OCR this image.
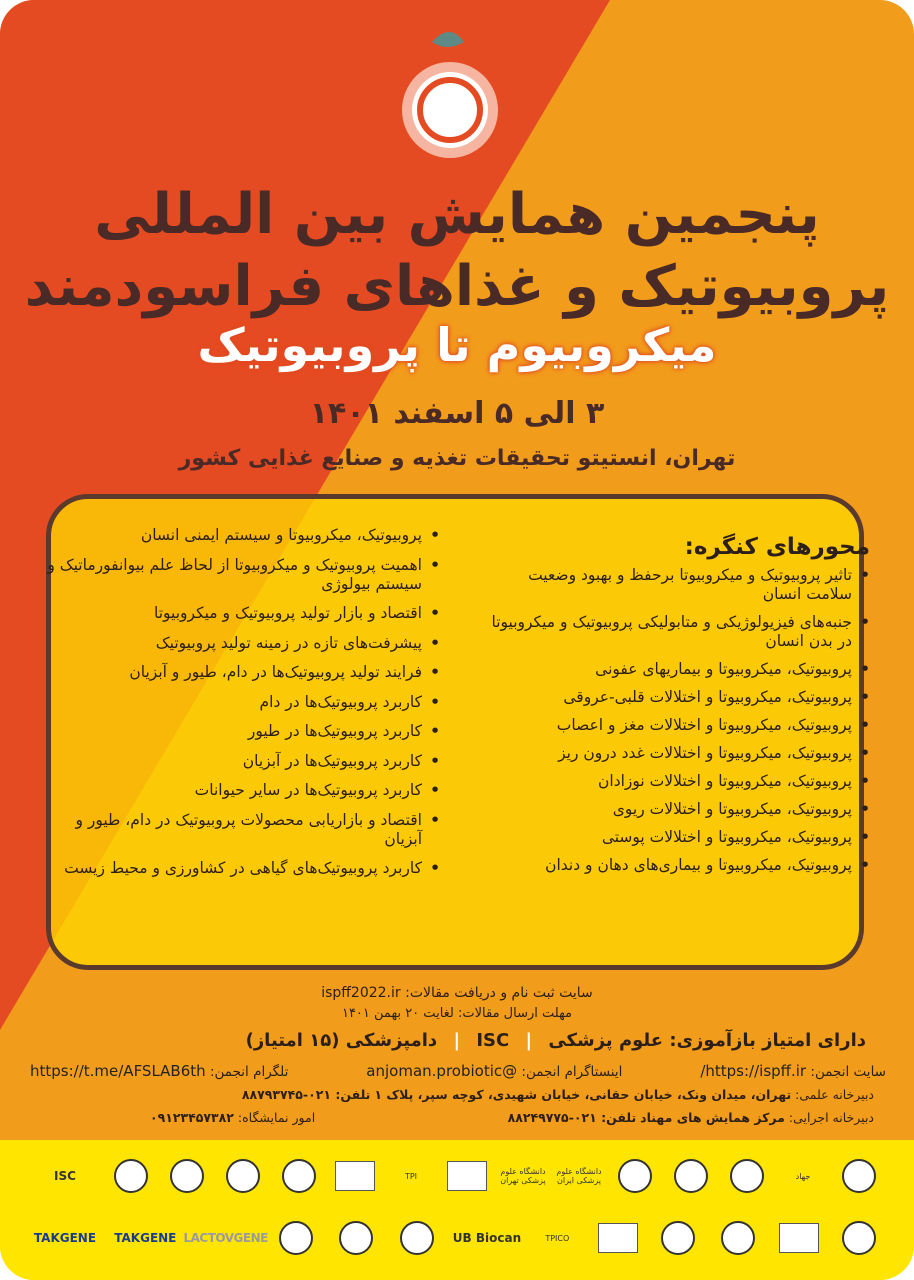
پنجمین همایش بین المللی
پروبیوتیک و غذاهای فراسودمند
میکروبیوم تا پروبیوتیک
۳ الی ۵ اسفند ۱۴۰۱
تهران، انستیتو تحقیقات تغذیه و صنایع غذایی کشور
محورهای کنگره:
• تاثیر پروبیوتیک و میکروبیوتا برحفظ و بهبود وضعیت سلامت انسان
• جنبه‌های فیزیولوژیکی و متابولیکی پروبیوتیک و میکروبیوتا در بدن انسان
• پروبیوتیک، میکروبیوتا و بیماریهای عفونی
• پروبیوتیک، میکروبیوتا و اختلالات قلبی-عروقی
• پروبیوتیک، میکروبیوتا و اختلالات مغز و اعصاب
• پروبیوتیک، میکروبیوتا و اختلالات غدد درون ریز
• پروبیوتیک، میکروبیوتا و اختلالات نوزادان
• پروبیوتیک، میکروبیوتا و اختلالات ریوی
• پروبیوتیک، میکروبیوتا و اختلالات پوستی
• پروبیوتیک، میکروبیوتا و بیماری‌های دهان و دندان
• پروبیوتیک، میکروبیوتا و سیستم ایمنی انسان
• اهمیت پروبیوتیک و میکروبیوتا از لحاظ علم بیوانفورماتیک و سیستم بیولوژی
• اقتصاد و بازار تولید پروبیوتیک و میکروبیوتا
• پیشرفت‌های تازه در زمینه تولید پروبیوتیک
• فرایند تولید پروبیوتیک‌ها در دام، طیور و آبزیان
• کاربرد پروبیوتیک‌ها در دام
• کاربرد پروبیوتیک‌ها در طیور
• کاربرد پروبیوتیک‌ها در آبزیان
• کاربرد پروبیوتیک‌ها در سایر حیوانات
• اقتصاد و بازاریابی محصولات پروبیوتیک در دام، طیور و آبزیان
• کاربرد پروبیوتیک‌های گیاهی در کشاورزی و محیط زیست
سایت ثبت نام و دریافت مقالات: ispff2022.ir
مهلت ارسال مقالات: لغایت ۲۰ بهمن ۱۴۰۱
دارای امتیاز بازآموزی: علوم پزشکی | ISC | دامپزشکی (۱۵ امتیاز)
سایت انجمن: https://ispff.ir/
اینستاگرام انجمن: @anjoman.probiotic
تلگرام انجمن: https://t.me/AFSLAB6th
دبیرخانه علمی: تهران، میدان ونک، خیابان حقانی، خیابان شهیدی، کوچه سپر، پلاک ۱ تلفن: ۰۲۱-۸۸۷۹۳۷۴۵
دبیرخانه اجرایی: مرکز همایش های مهناد تلفن: ۰۲۱-۸۸۲۴۹۷۷۵
امور نمایشگاه: ۰۹۱۲۳۴۵۷۳۸۲
ISC	TPI	دانشگاه علوم پزشکی تهران
دانشگاه علوم پزشکی ایران	جهاد
TAKGENE	TAKGENE LACTOVGENE	UB Biocan	TPICO
